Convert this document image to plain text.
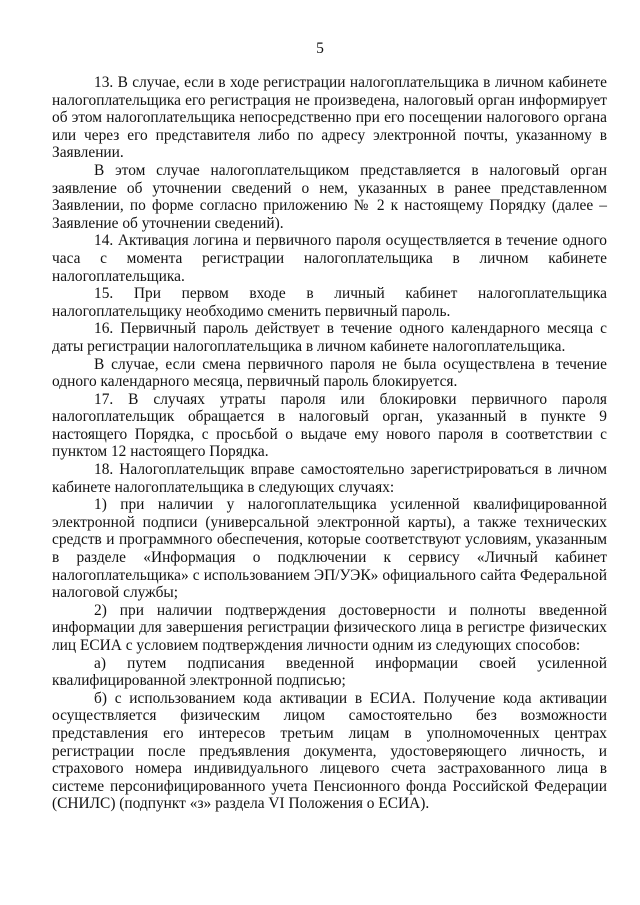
5

13. В случае, если в ходе регистрации налогоплательщика в личном кабинете налогоплательщика его регистрация не произведена, налоговый орган информирует об этом налогоплательщика непосредственно при его посещении налогового органа или через его представителя либо по адресу электронной почты, указанному в Заявлении.

В этом случае налогоплательщиком представляется в налоговый орган заявление об уточнении сведений о нем, указанных в ранее представленном Заявлении, по форме согласно приложению № 2 к настоящему Порядку (далее – Заявление об уточнении сведений).

14. Активация логина и первичного пароля осуществляется в течение одного часа с момента регистрации налогоплательщика в личном кабинете налогоплательщика.

15. При первом входе в личный кабинет налогоплательщика налогоплательщику необходимо сменить первичный пароль.

16. Первичный пароль действует в течение одного календарного месяца с даты регистрации налогоплательщика в личном кабинете налогоплательщика.

В случае, если смена первичного пароля не была осуществлена в течение одного календарного месяца, первичный пароль блокируется.

17. В случаях утраты пароля или блокировки первичного пароля налогоплательщик обращается в налоговый орган, указанный в пункте 9 настоящего Порядка, с просьбой о выдаче ему нового пароля в соответствии с пунктом 12 настоящего Порядка.

18. Налогоплательщик вправе самостоятельно зарегистрироваться в личном кабинете налогоплательщика в следующих случаях:

1) при наличии у налогоплательщика усиленной квалифицированной электронной подписи (универсальной электронной карты), а также технических средств и программного обеспечения, которые соответствуют условиям, указанным в разделе «Информация о подключении к сервису «Личный кабинет налогоплательщика» с использованием ЭП/УЭК» официального сайта Федеральной налоговой службы;

2) при наличии подтверждения достоверности и полноты введенной информации для завершения регистрации физического лица в регистре физических лиц ЕСИА с условием подтверждения личности одним из следующих способов:

а) путем подписания введенной информации своей усиленной квалифицированной электронной подписью;

б) с использованием кода активации в ЕСИА. Получение кода активации осуществляется физическим лицом самостоятельно без возможности представления его интересов третьим лицам в уполномоченных центрах регистрации после предъявления документа, удостоверяющего личность, и страхового номера индивидуального лицевого счета застрахованного лица в системе персонифицированного учета Пенсионного фонда Российской Федерации (СНИЛС) (подпункт «з» раздела VI Положения о ЕСИА).
